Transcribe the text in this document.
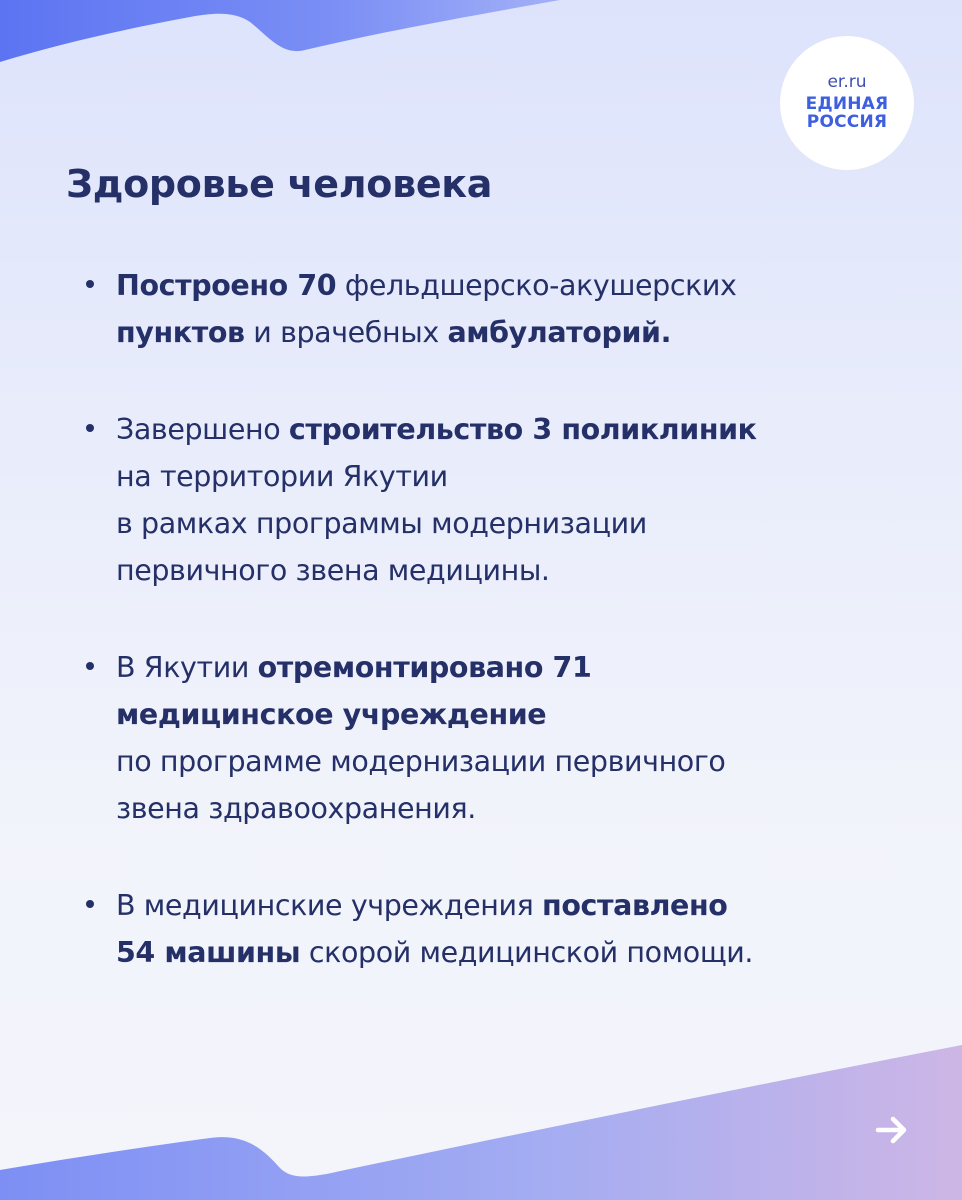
er.ru
ЕДИНАЯ
РОССИЯ
Здоровье человека
Построено 70 фельдшерско-акушерских
пунктов и врачебных амбулаторий.
Завершено строительство 3 поликлиник
на территории Якутии
в рамках программы модернизации
первичного звена медицины.
В Якутии отремонтировано 71
медицинское учреждение
по программе модернизации первичного
звена здравоохранения.
В медицинские учреждения поставлено
54 машины скорой медицинской помощи.
